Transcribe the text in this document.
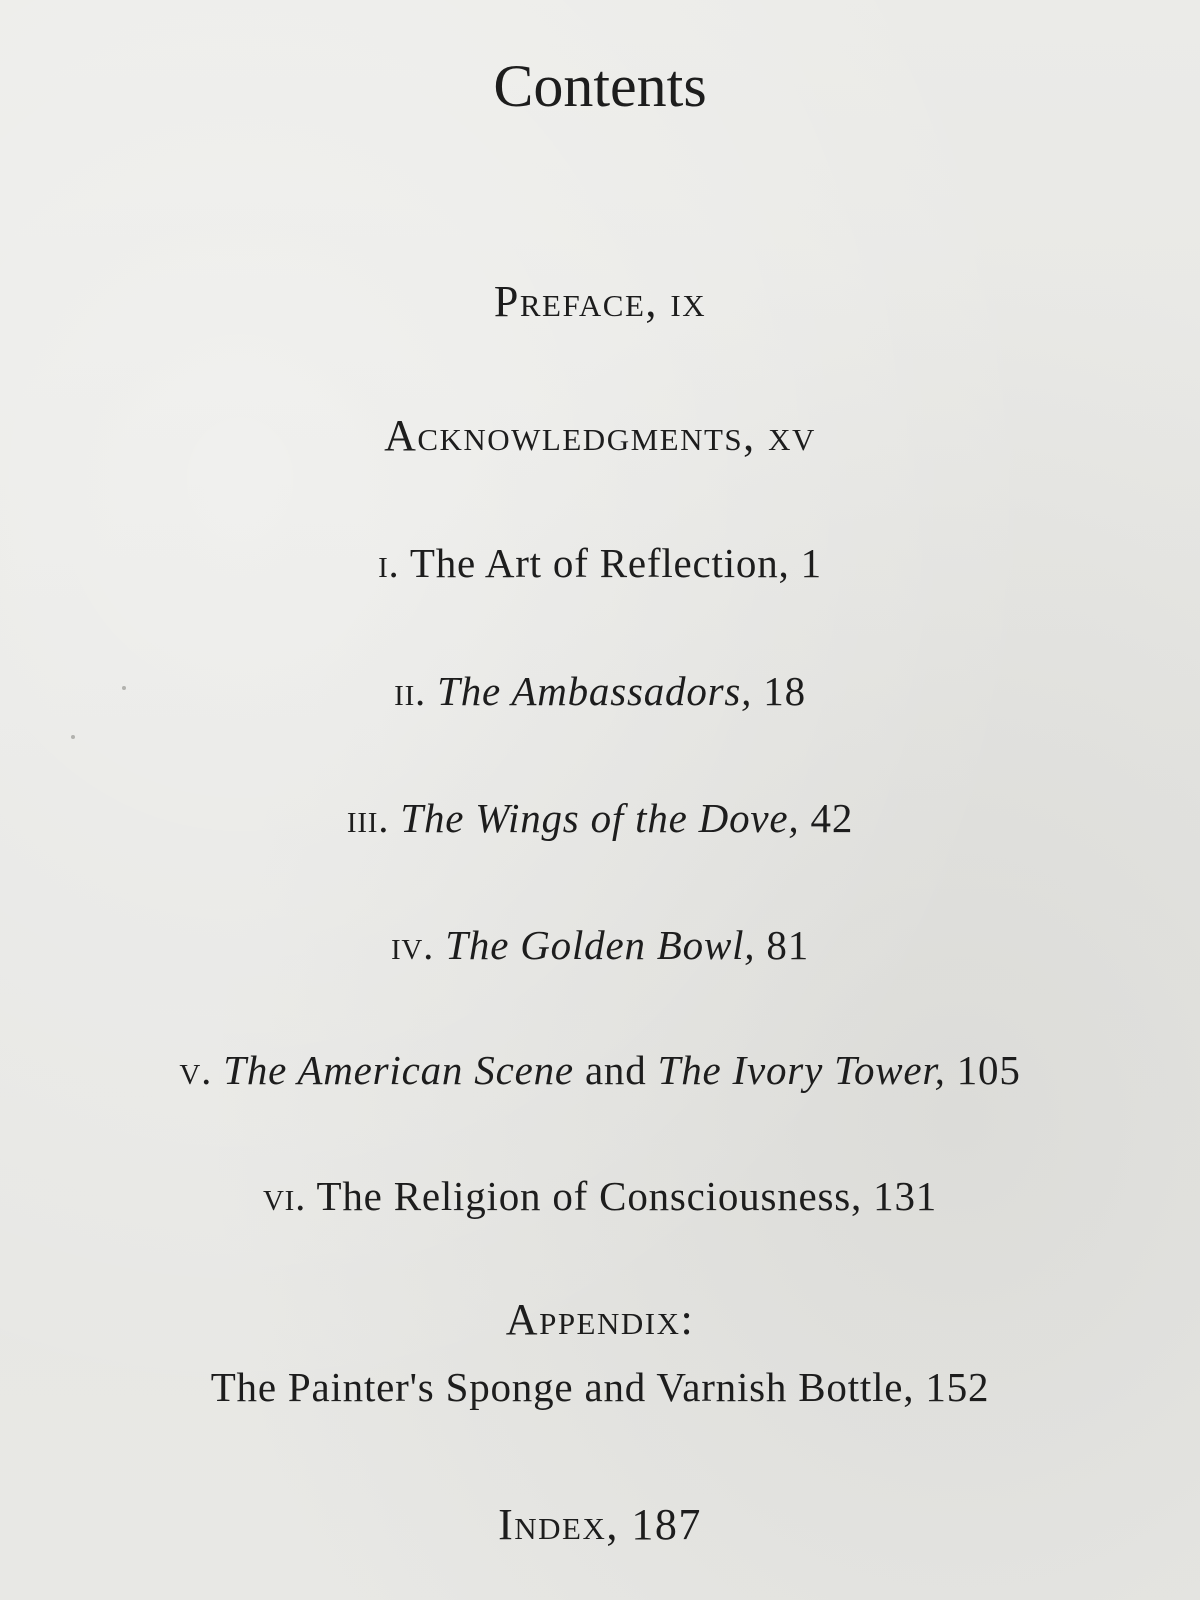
Contents
Preface, ix
Acknowledgments, xv
i. The Art of Reflection, 1
ii. The Ambassadors, 18
iii. The Wings of the Dove, 42
iv. The Golden Bowl, 81
v. The American Scene and The Ivory Tower, 105
vi. The Religion of Consciousness, 131
Appendix:
The Painter's Sponge and Varnish Bottle, 152
Index, 187
